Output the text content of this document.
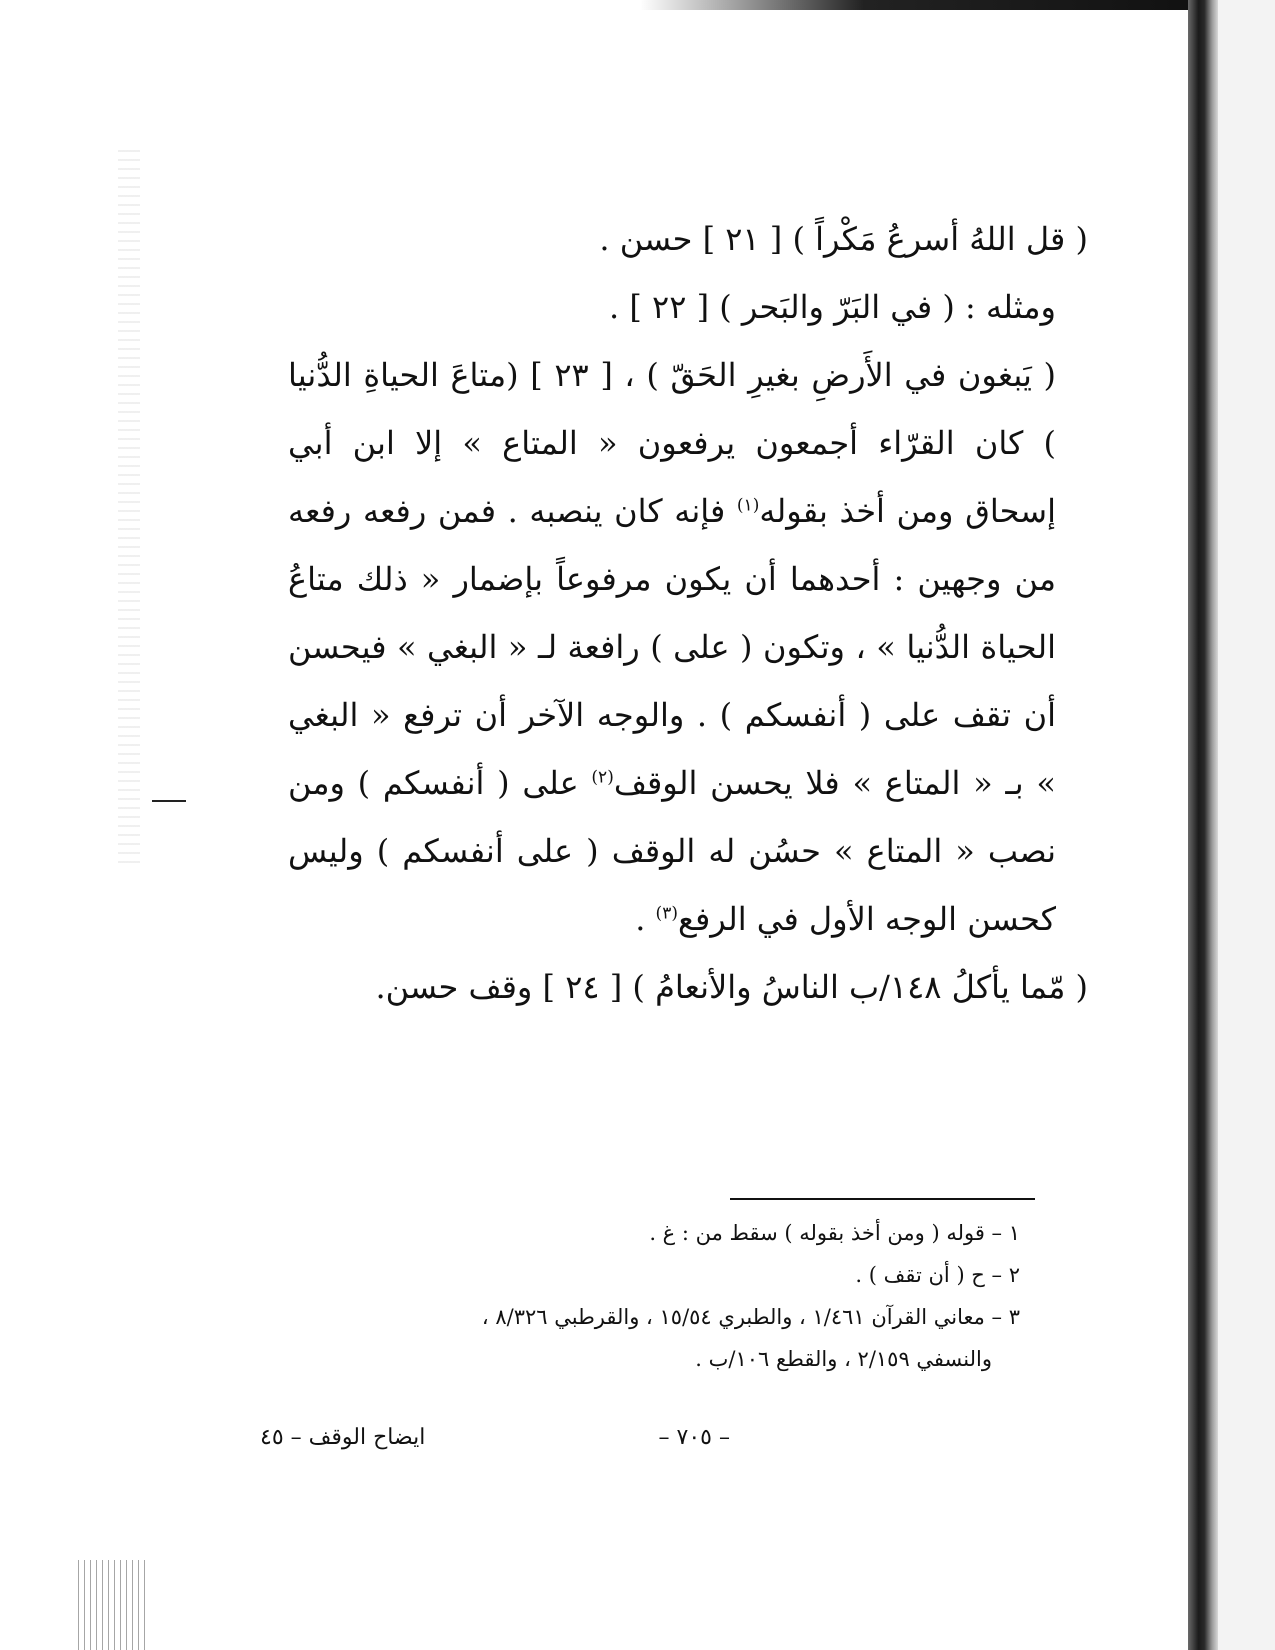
( قل اللهُ أسرعُ مَكْراً ) [ ٢١ ] حسن .

ومثله : ( في البَرّ والبَحر ) [ ٢٢ ] .

( يَبغون في الأَرضِ بغيرِ الحَقّ ) ، [ ٢٣ ] (متاعَ الحياةِ الدُّنيا ) كان القرّاء أجمعون يرفعون « المتاع » إلا ابن أبي إسحاق ومن أخذ بقوله$^{(١)}$ فإنه كان ينصبه . فمن رفعه رفعه من وجهين : أحدهما أن يكون مرفوعاً بإضمار « ذلك متاعُ الحياة الدُّنيا » ، وتكون ( على ) رافعة لـ « البغي » فيحسن أن تقف على ( أنفسكم ) . والوجه الآخر أن ترفع « البغي » بـ « المتاع » فلا يحسن الوقف$^{(٢)}$ على ( أنفسكم ) ومن نصب « المتاع » حسُن له الوقف ( على أنفسكم ) وليس كحسن الوجه الأول في الرفع$^{(٣)}$ .

( مّما يأكلُ ١٤٨/ب الناسُ والأنعامُ ) [ ٢٤ ] وقف حسن.

١ – قوله ( ومن أخذ بقوله ) سقط من : غ .

٢ – ح ( أن تقف ) .

٣ – معاني القرآن ١/٤٦١ ، والطبري ١٥/٥٤ ، والقرطبي ٨/٣٢٦ ،

والنسفي ٢/١٥٩ ، والقطع ١٠٦/ب .

– ٧٠٥ –
ايضاح الوقف – ٤٥
